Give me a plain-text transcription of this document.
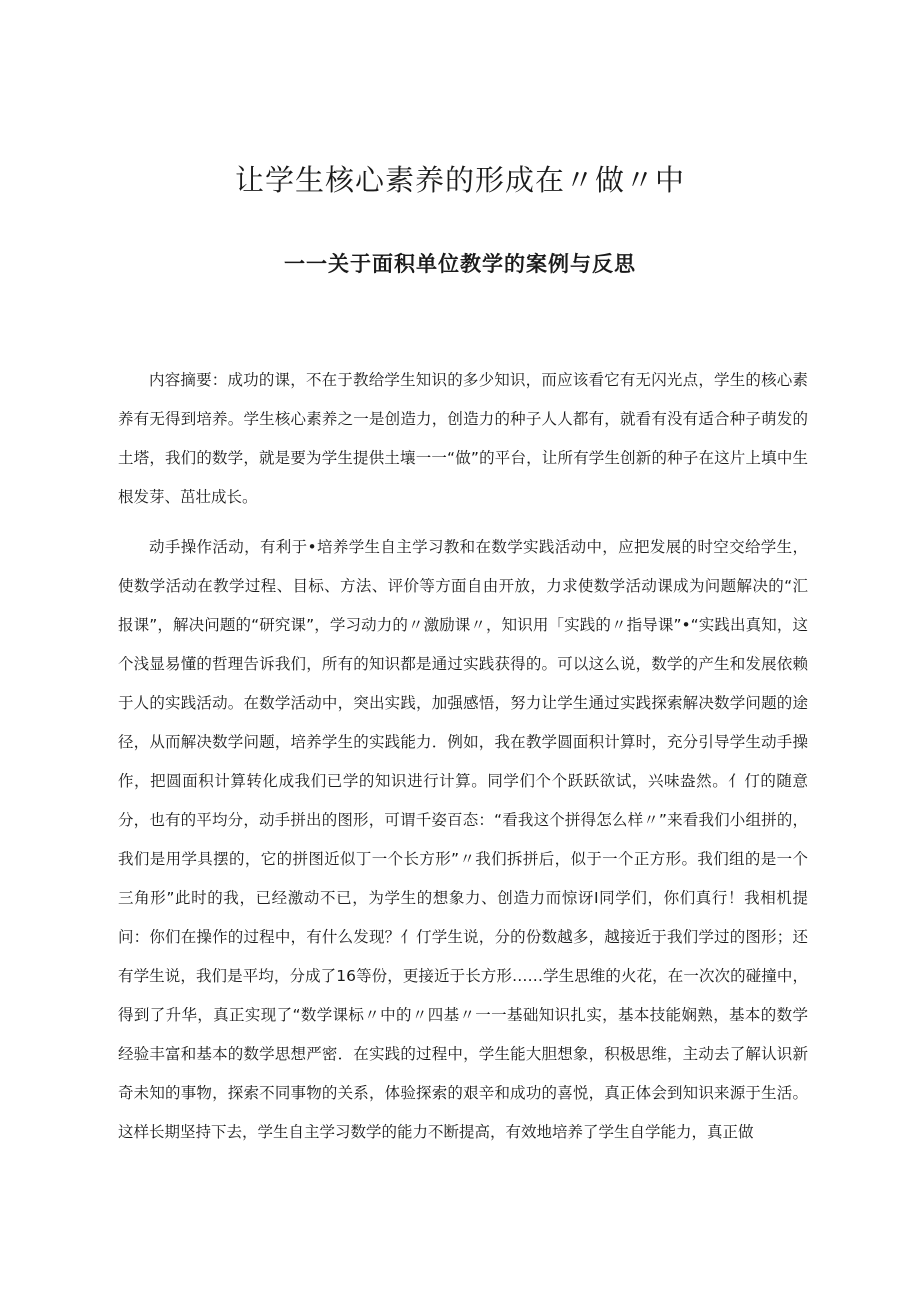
让学生核心素养的形成在〃做〃中
一一关于面积单位教学的案例与反思

内容摘要：成功的课，不在于教给学生知识的多少知识，而应该看它有无闪光点，学生的核心素养有无得到培养。学生核心素养之一是创造力，创造力的种子人人都有，就看有没有适合种子萌发的土塔，我们的数学，就是要为学生提供土壤一一“做”的平台，让所有学生创新的种子在这片上填中生根发芽、茁壮成长。

动手操作活动，有利于•培养学生自主学习教和在数学实践活动中，应把发展的时空交给学生，使数学活动在教学过程、目标、方法、评价等方面自由开放，力求使数学活动课成为问题解决的“汇报课”，解决问题的“研究课”，学习动力的〃激励课〃，知识用「实践的〃指导课”•“实践出真知，这个浅显易懂的哲理告诉我们，所有的知识都是通过实践获得的。可以这么说，数学的产生和发展依赖于人的实践活动。在数学活动中，突出实践，加强感悟，努力让学生通过实践探索解决数学问题的途径，从而解决数学问题，培养学生的实践能力．例如，我在教学圆面积计算时，充分引导学生动手操作，把圆面积计算转化成我们已学的知识进行计算。同学们个个跃跃欲试，兴味盎然。亻仃的随意分，也有的平均分，动手拼出的图形，可谓千姿百态：“看我这个拼得怎么样〃”来看我们小组拼的，我们是用学具摆的，它的拼图近似丁一个长方形”〃我们拆拼后，似于一个正方形。我们组的是一个三角形”此时的我，已经激动不已，为学生的想象力、创造力而惊讶I同学们，你们真行！我相机提问：你们在操作的过程中，有什么发现？亻仃学生说，分的份数越多，越接近于我们学过的图形；还有学生说，我们是平均，分成了16等份，更接近于长方形……学生思维的火花，在一次次的碰撞中，得到了升华，真正实现了“数学课标〃中的〃四基〃一一基础知识扎实，基本技能娴熟，基本的数学经验丰富和基本的数学思想严密．在实践的过程中，学生能大胆想象，积极思维，主动去了解认识新奇未知的事物，探索不同事物的关系，体验探索的艰辛和成功的喜悦，真正体会到知识来源于生活。这样长期坚持下去，学生自主学习数学的能力不断提高，有效地培养了学生自学能力，真正做
